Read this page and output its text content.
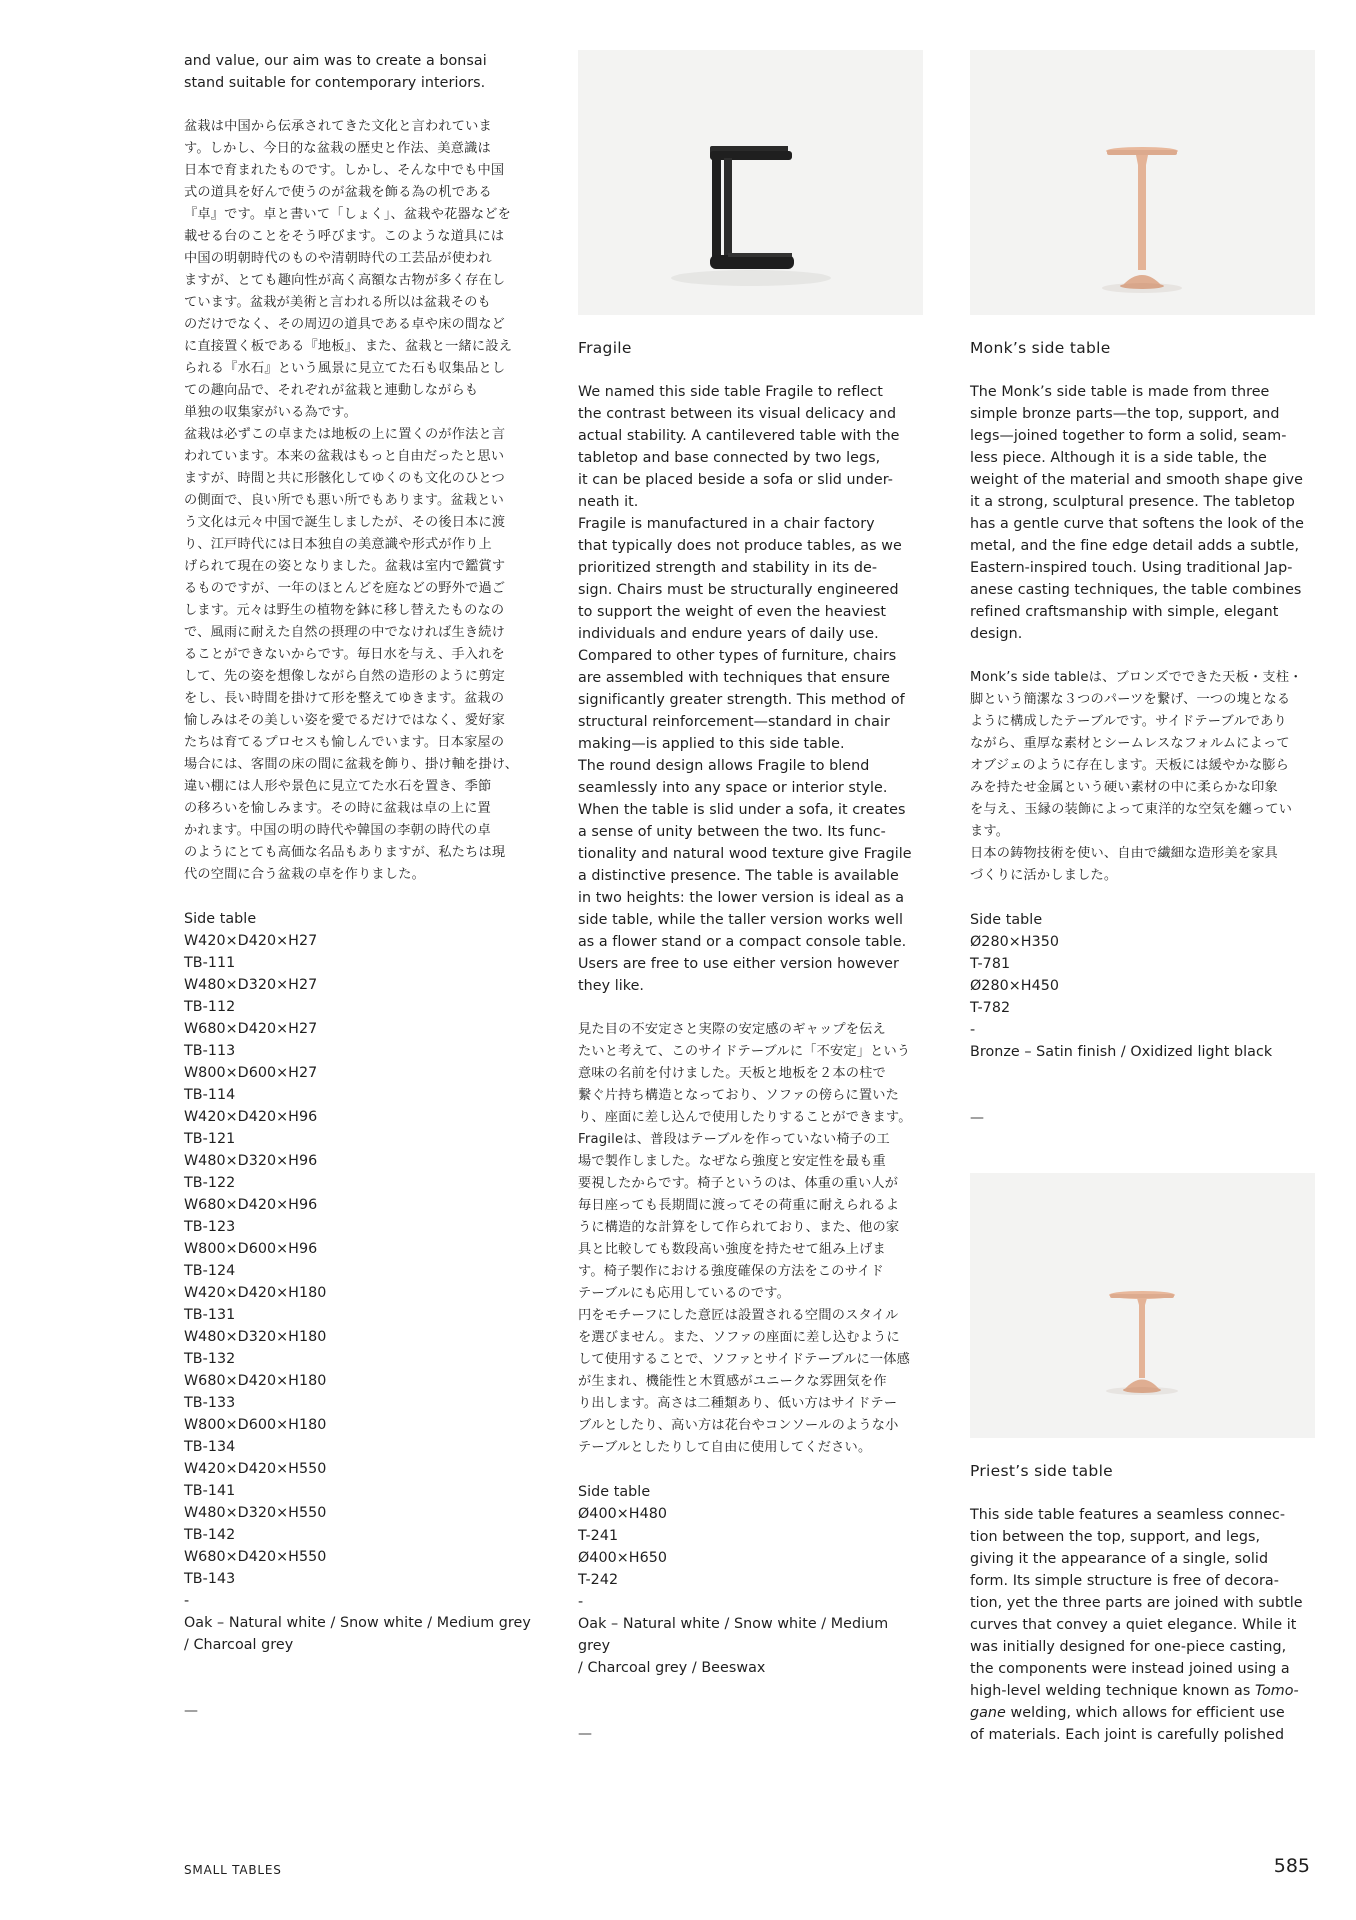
and value, our aim was to create a bonsai
stand suitable for contemporary interiors.

盆栽は中国から伝承されてきた文化と言われていま
す。しかし、今日的な盆栽の歴史と作法、美意識は
日本で育まれたものです。しかし、そんな中でも中国
式の道具を好んで使うのが盆栽を飾る為の机である
『卓』です。卓と書いて「しょく」、盆栽や花器などを
載せる台のことをそう呼びます。このような道具には
中国の明朝時代のものや清朝時代の工芸品が使われ
ますが、とても趣向性が高く高額な古物が多く存在し
ています。盆栽が美術と言われる所以は盆栽そのも
のだけでなく、その周辺の道具である卓や床の間など
に直接置く板である『地板』、また、盆栽と一緒に設え
られる『水石』という風景に見立てた石も収集品とし
ての趣向品で、それぞれが盆栽と連動しながらも
単独の収集家がいる為です。
盆栽は必ずこの卓または地板の上に置くのが作法と言
われています。本来の盆栽はもっと自由だったと思い
ますが、時間と共に形骸化してゆくのも文化のひとつ
の側面で、良い所でも悪い所でもあります。盆栽とい
う文化は元々中国で誕生しましたが、その後日本に渡
り、江戸時代には日本独自の美意識や形式が作り上
げられて現在の姿となりました。盆栽は室内で鑑賞す
るものですが、一年のほとんどを庭などの野外で過ご
します。元々は野生の植物を鉢に移し替えたものなの
で、風雨に耐えた自然の摂理の中でなければ生き続け
ることができないからです。毎日水を与え、手入れを
して、先の姿を想像しながら自然の造形のように剪定
をし、長い時間を掛けて形を整えてゆきます。盆栽の
愉しみはその美しい姿を愛でるだけではなく、愛好家
たちは育てるプロセスも愉しんでいます。日本家屋の
場合には、客間の床の間に盆栽を飾り、掛け軸を掛け、
違い棚には人形や景色に見立てた水石を置き、季節
の移ろいを愉しみます。その時に盆栽は卓の上に置
かれます。中国の明の時代や韓国の李朝の時代の卓
のようにとても高価な名品もありますが、私たちは現
代の空間に合う盆栽の卓を作りました。

Side table
W420×D420×H27
TB-111
W480×D320×H27
TB-112
W680×D420×H27
TB-113
W800×D600×H27
TB-114
W420×D420×H96
TB-121
W480×D320×H96
TB-122
W680×D420×H96
TB-123
W800×D600×H96
TB-124
W420×D420×H180
TB-131
W480×D320×H180
TB-132
W680×D420×H180
TB-133
W800×D600×H180
TB-134
W420×D420×H550
TB-141
W480×D320×H550
TB-142
W680×D420×H550
TB-143
-
Oak – Natural white / Snow white / Medium grey
/ Charcoal grey

—

Fragile

We named this side table Fragile to reflect
the contrast between its visual delicacy and
actual stability. A cantilevered table with the
tabletop and base connected by two legs,
it can be placed beside a sofa or slid under-
neath it.
Fragile is manufactured in a chair factory
that typically does not produce tables, as we
prioritized strength and stability in its de-
sign. Chairs must be structurally engineered
to support the weight of even the heaviest
individuals and endure years of daily use.
Compared to other types of furniture, chairs
are assembled with techniques that ensure
significantly greater strength. This method of
structural reinforcement—standard in chair
making—is applied to this side table.
The round design allows Fragile to blend
seamlessly into any space or interior style.
When the table is slid under a sofa, it creates
a sense of unity between the two. Its func-
tionality and natural wood texture give Fragile
a distinctive presence. The table is available
in two heights: the lower version is ideal as a
side table, while the taller version works well
as a flower stand or a compact console table.
Users are free to use either version however
they like.

見た目の不安定さと実際の安定感のギャップを伝え
たいと考えて、このサイドテーブルに「不安定」という
意味の名前を付けました。天板と地板を２本の柱で
繋ぐ片持ち構造となっており、ソファの傍らに置いた
り、座面に差し込んで使用したりすることができます。
Fragileは、普段はテーブルを作っていない椅子の工
場で製作しました。なぜなら強度と安定性を最も重
要視したからです。椅子というのは、体重の重い人が
毎日座っても長期間に渡ってその荷重に耐えられるよ
うに構造的な計算をして作られており、また、他の家
具と比較しても数段高い強度を持たせて組み上げま
す。椅子製作における強度確保の方法をこのサイド
テーブルにも応用しているのです。
円をモチーフにした意匠は設置される空間のスタイル
を選びません。また、ソファの座面に差し込むように
して使用することで、ソファとサイドテーブルに一体感
が生まれ、機能性と木質感がユニークな雰囲気を作
り出します。高さは二種類あり、低い方はサイドテー
ブルとしたり、高い方は花台やコンソールのような小
テーブルとしたりして自由に使用してください。

Side table
Ø400×H480
T-241
Ø400×H650
T-242
-
Oak – Natural white / Snow white / Medium grey
/ Charcoal grey / Beeswax

—

Monk’s side table

The Monk’s side table is made from three
simple bronze parts—the top, support, and
legs—joined together to form a solid, seam-
less piece. Although it is a side table, the
weight of the material and smooth shape give
it a strong, sculptural presence. The tabletop
has a gentle curve that softens the look of the
metal, and the fine edge detail adds a subtle,
Eastern-inspired touch. Using traditional Jap-
anese casting techniques, the table combines
refined craftsmanship with simple, elegant
design.

Monk’s side tableは、ブロンズでできた天板・支柱・
脚という簡潔な３つのパーツを繋げ、一つの塊となる
ように構成したテーブルです。サイドテーブルであり
ながら、重厚な素材とシームレスなフォルムによって
オブジェのように存在します。天板には緩やかな膨ら
みを持たせ金属という硬い素材の中に柔らかな印象
を与え、玉縁の装飾によって東洋的な空気を纏ってい
ます。
日本の鋳物技術を使い、自由で繊細な造形美を家具
づくりに活かしました。

Side table
Ø280×H350
T-781
Ø280×H450
T-782
-
Bronze – Satin finish / Oxidized light black

—

Priest’s side table

This side table features a seamless connec-
tion between the top, support, and legs,
giving it the appearance of a single, solid
form. Its simple structure is free of decora-
tion, yet the three parts are joined with subtle
curves that convey a quiet elegance. While it
was initially designed for one-piece casting,
the components were instead joined using a
high-level welding technique known as Tomo-
gane welding, which allows for efficient use
of materials. Each joint is carefully polished

SMALL TABLES	585
